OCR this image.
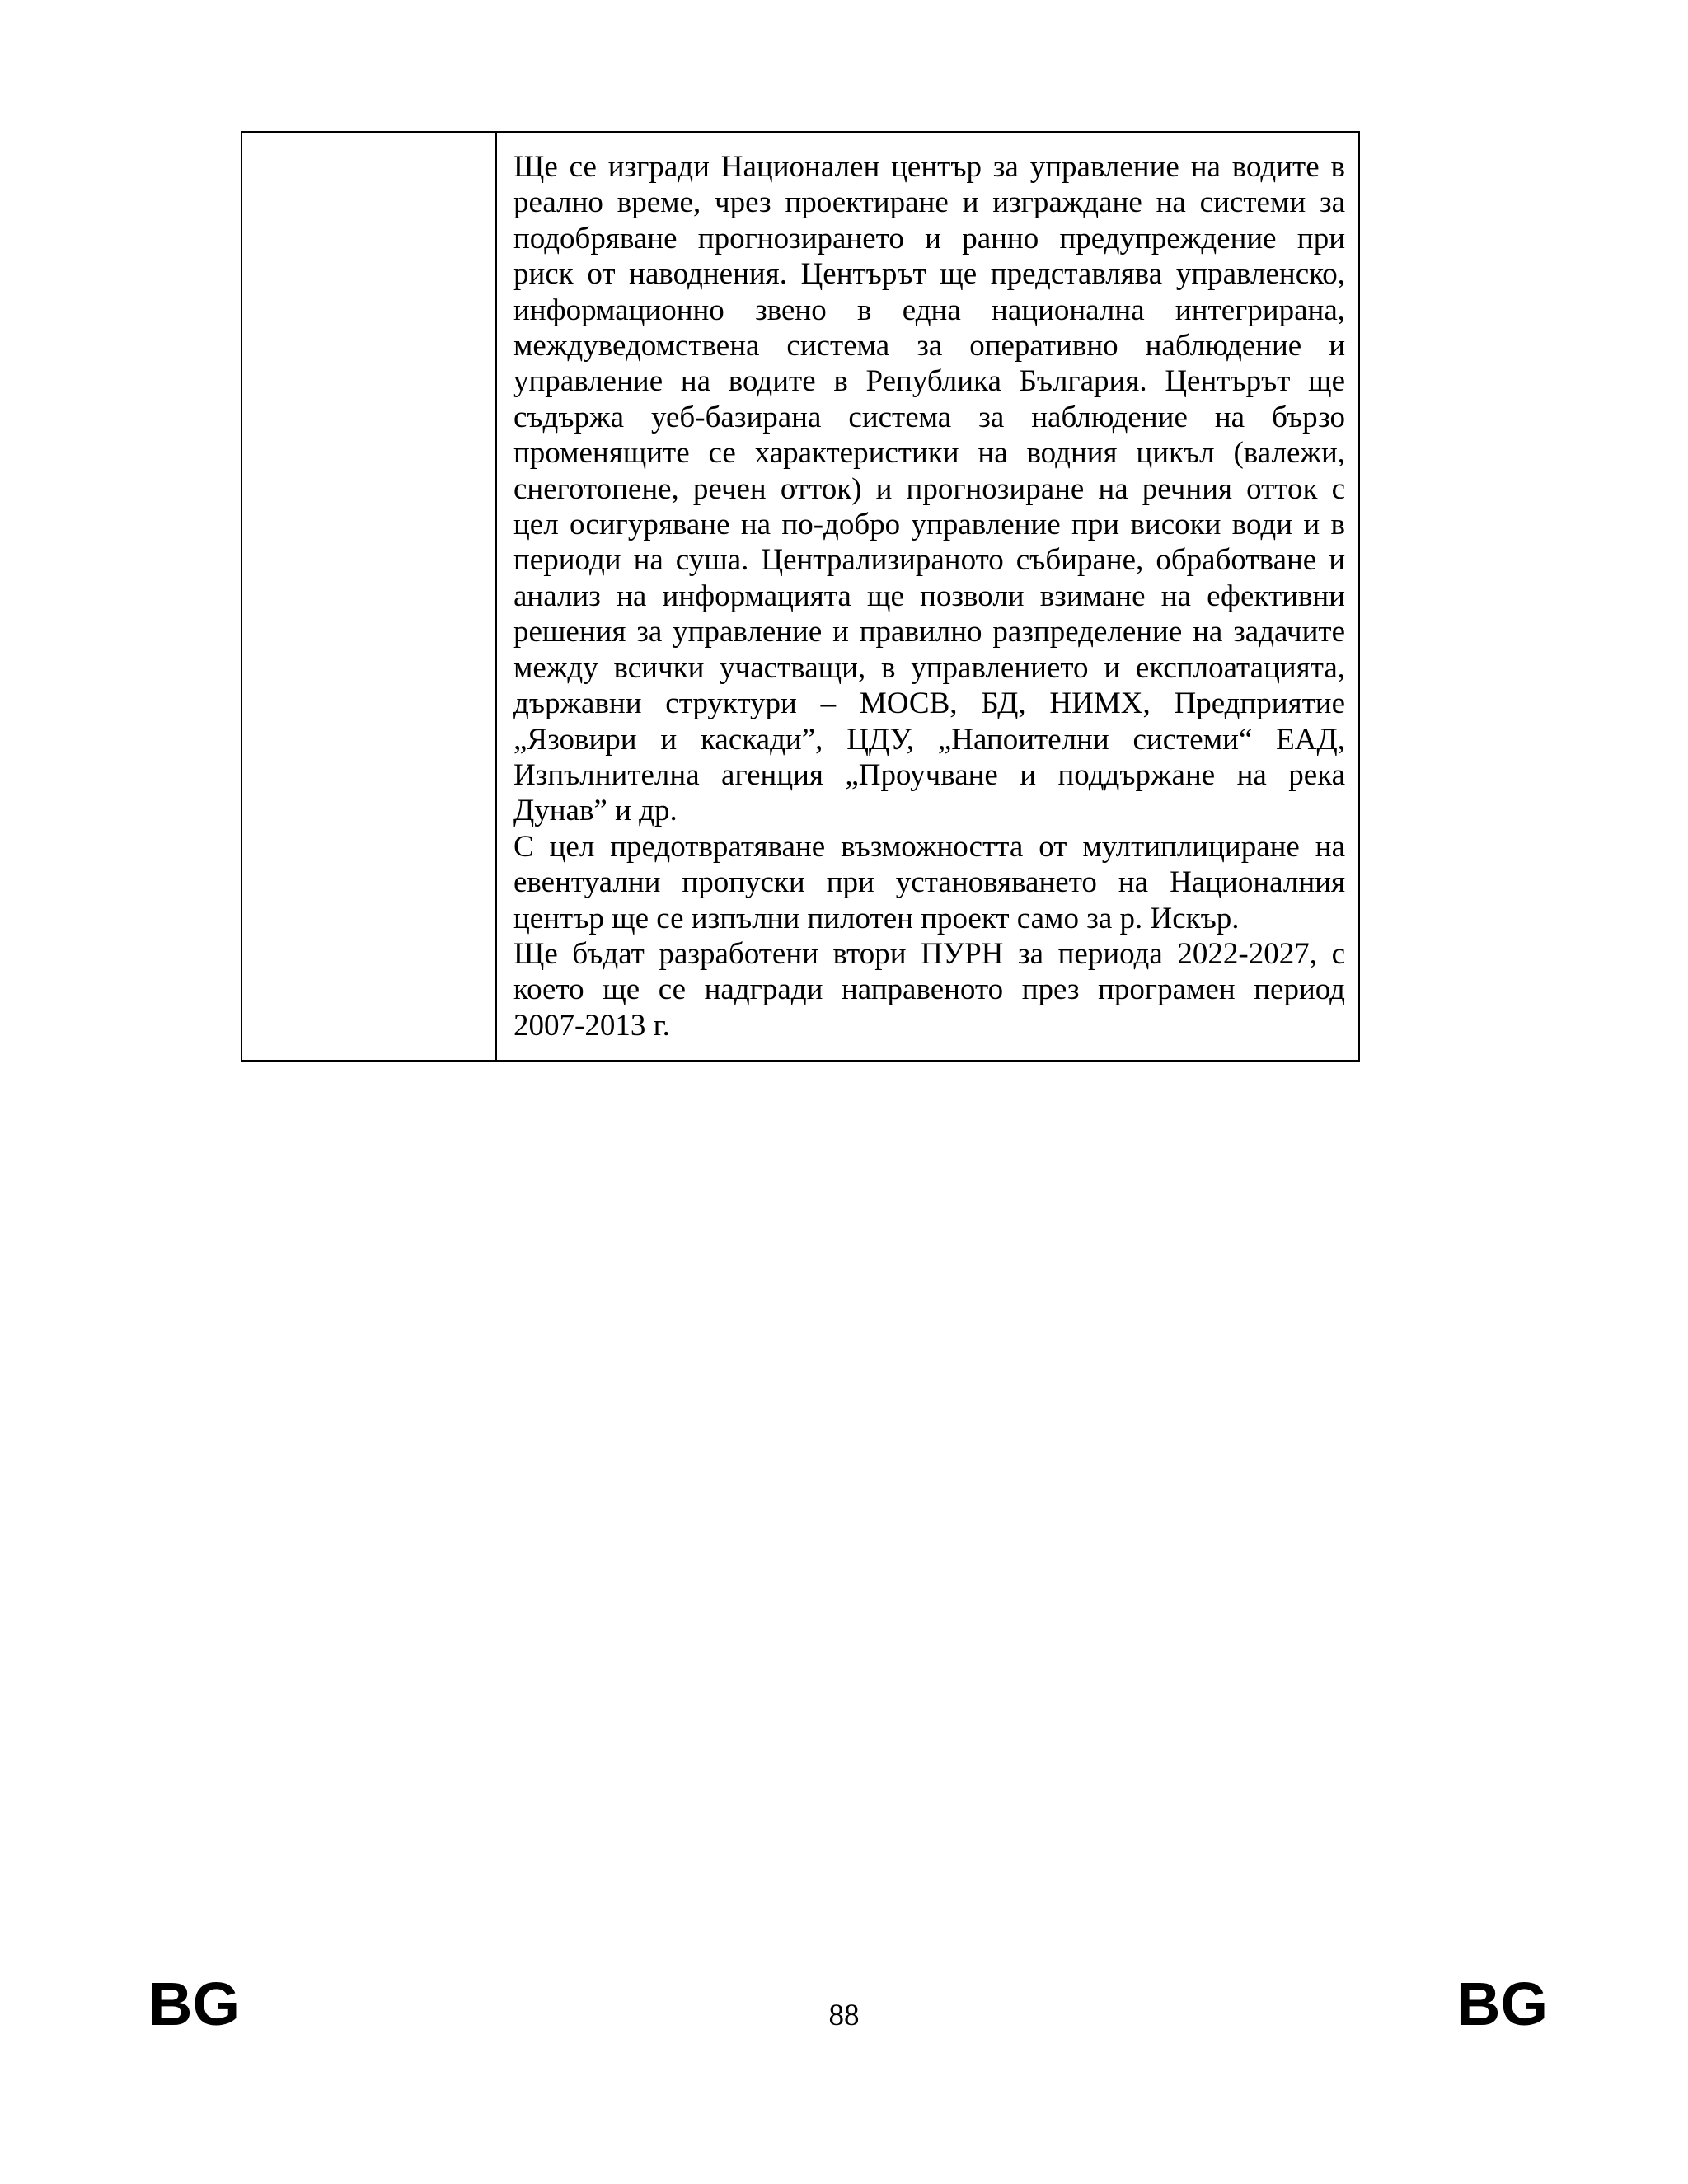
Ще се изгради Национален център за управление на водите в реално време, чрез проектиране и изграждане на системи за подобряване прогнозирането и ранно предупреждение при риск от наводнения. Центърът ще представлява управленско, информационно звено в една национална интегрирана, междуведомствена система за оперативно наблюдение и управление на водите в Република България. Центърът ще съдържа уеб-базирана система за наблюдение на бързо променящите се характеристики на водния цикъл (валежи, снеготопене, речен отток) и прогнозиране на речния отток с цел осигуряване на по-добро управление при високи води и в периоди на суша. Централизираното събиране, обработване и анализ на информацията ще позволи взимане на ефективни решения за управление и правилно разпределение на задачите между всички участващи, в управлението и експлоатацията, държавни структури – МОСВ, БД, НИМХ, Предприятие „Язовири и каскади”, ЦДУ, „Напоителни системи“ ЕАД, Изпълнителна агенция „Проучване и поддържане на река Дунав” и др.

С цел предотвратяване възможността от мултиплициране на евентуални пропуски при установяването на Националния център ще се изпълни пилотен проект само за р. Искър.

Ще бъдат разработени втори ПУРН за периода 2022-2027, с което ще се надгради направеното през програмен период 2007-2013 г.

BG	88	BG
